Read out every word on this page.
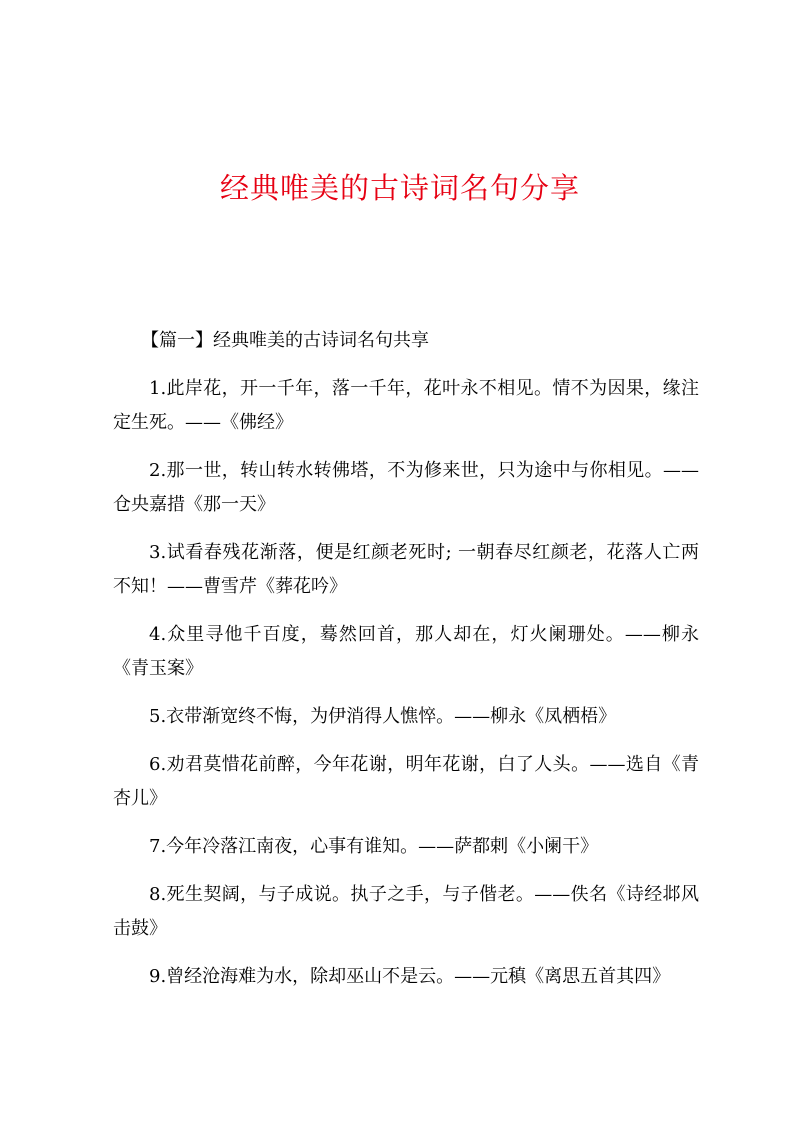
经典唯美的古诗词名句分享

【篇一】经典唯美的古诗词名句共享

1.此岸花，开一千年，落一千年，花叶永不相见。情不为因果，缘注定生死。——《佛经》

2.那一世，转山转水转佛塔，不为修来世，只为途中与你相见。——仓央嘉措《那一天》

3.试看春残花渐落，便是红颜老死时; 一朝春尽红颜老，花落人亡两不知！——曹雪芹《葬花吟》

4.众里寻他千百度，蓦然回首，那人却在，灯火阑珊处。——柳永《青玉案》

5.衣带渐宽终不悔，为伊消得人憔悴。——柳永《凤栖梧》

6.劝君莫惜花前醉，今年花谢，明年花谢，白了人头。——选自《青杏儿》

7.今年冷落江南夜，心事有谁知。——萨都剌《小阑干》

8.死生契阔，与子成说。执子之手，与子偕老。——佚名《诗经邶风击鼓》

9.曾经沧海难为水，除却巫山不是云。——元稹《离思五首其四》
